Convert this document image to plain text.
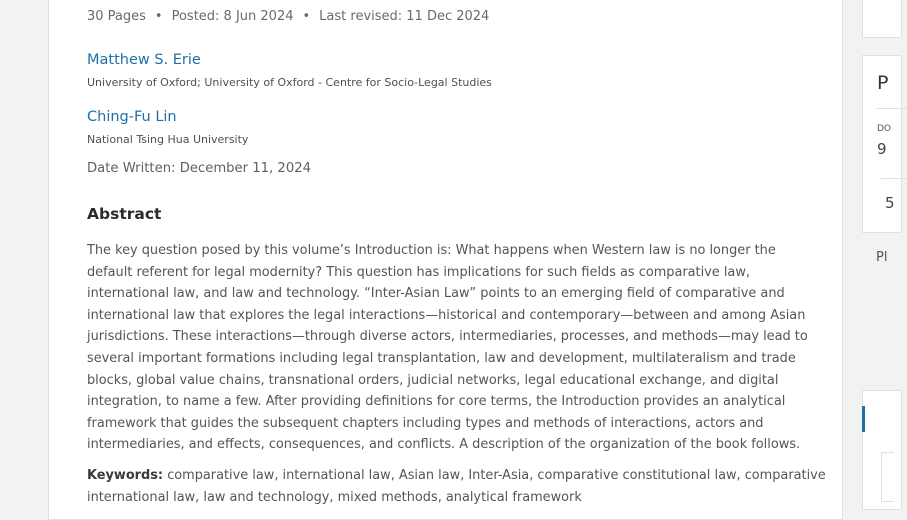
30 Pages • Posted: 8 Jun 2024 • Last revised: 11 Dec 2024
Matthew S. Erie
University of Oxford; University of Oxford - Centre for Socio-Legal Studies
Ching-Fu Lin
National Tsing Hua University
Date Written: December 11, 2024
Abstract
The key question posed by this volume’s Introduction is: What happens when Western law is no longer the
default referent for legal modernity? This question has implications for such fields as comparative law,
international law, and law and technology. “Inter-Asian Law” points to an emerging field of comparative and
international law that explores the legal interactions—historical and contemporary—between and among Asian
jurisdictions. These interactions—through diverse actors, intermediaries, processes, and methods—may lead to
several important formations including legal transplantation, law and development, multilateralism and trade
blocks, global value chains, transnational orders, judicial networks, legal educational exchange, and digital
integration, to name a few. After providing definitions for core terms, the Introduction provides an analytical
framework that guides the subsequent chapters including types and methods of interactions, actors and
intermediaries, and effects, consequences, and conflicts. A description of the organization of the book follows.
Keywords: comparative law, international law, Asian law, Inter-Asia, comparative constitutional law, comparative
international law, law and technology, mixed methods, analytical framework
P
DO
9
5
Pl
